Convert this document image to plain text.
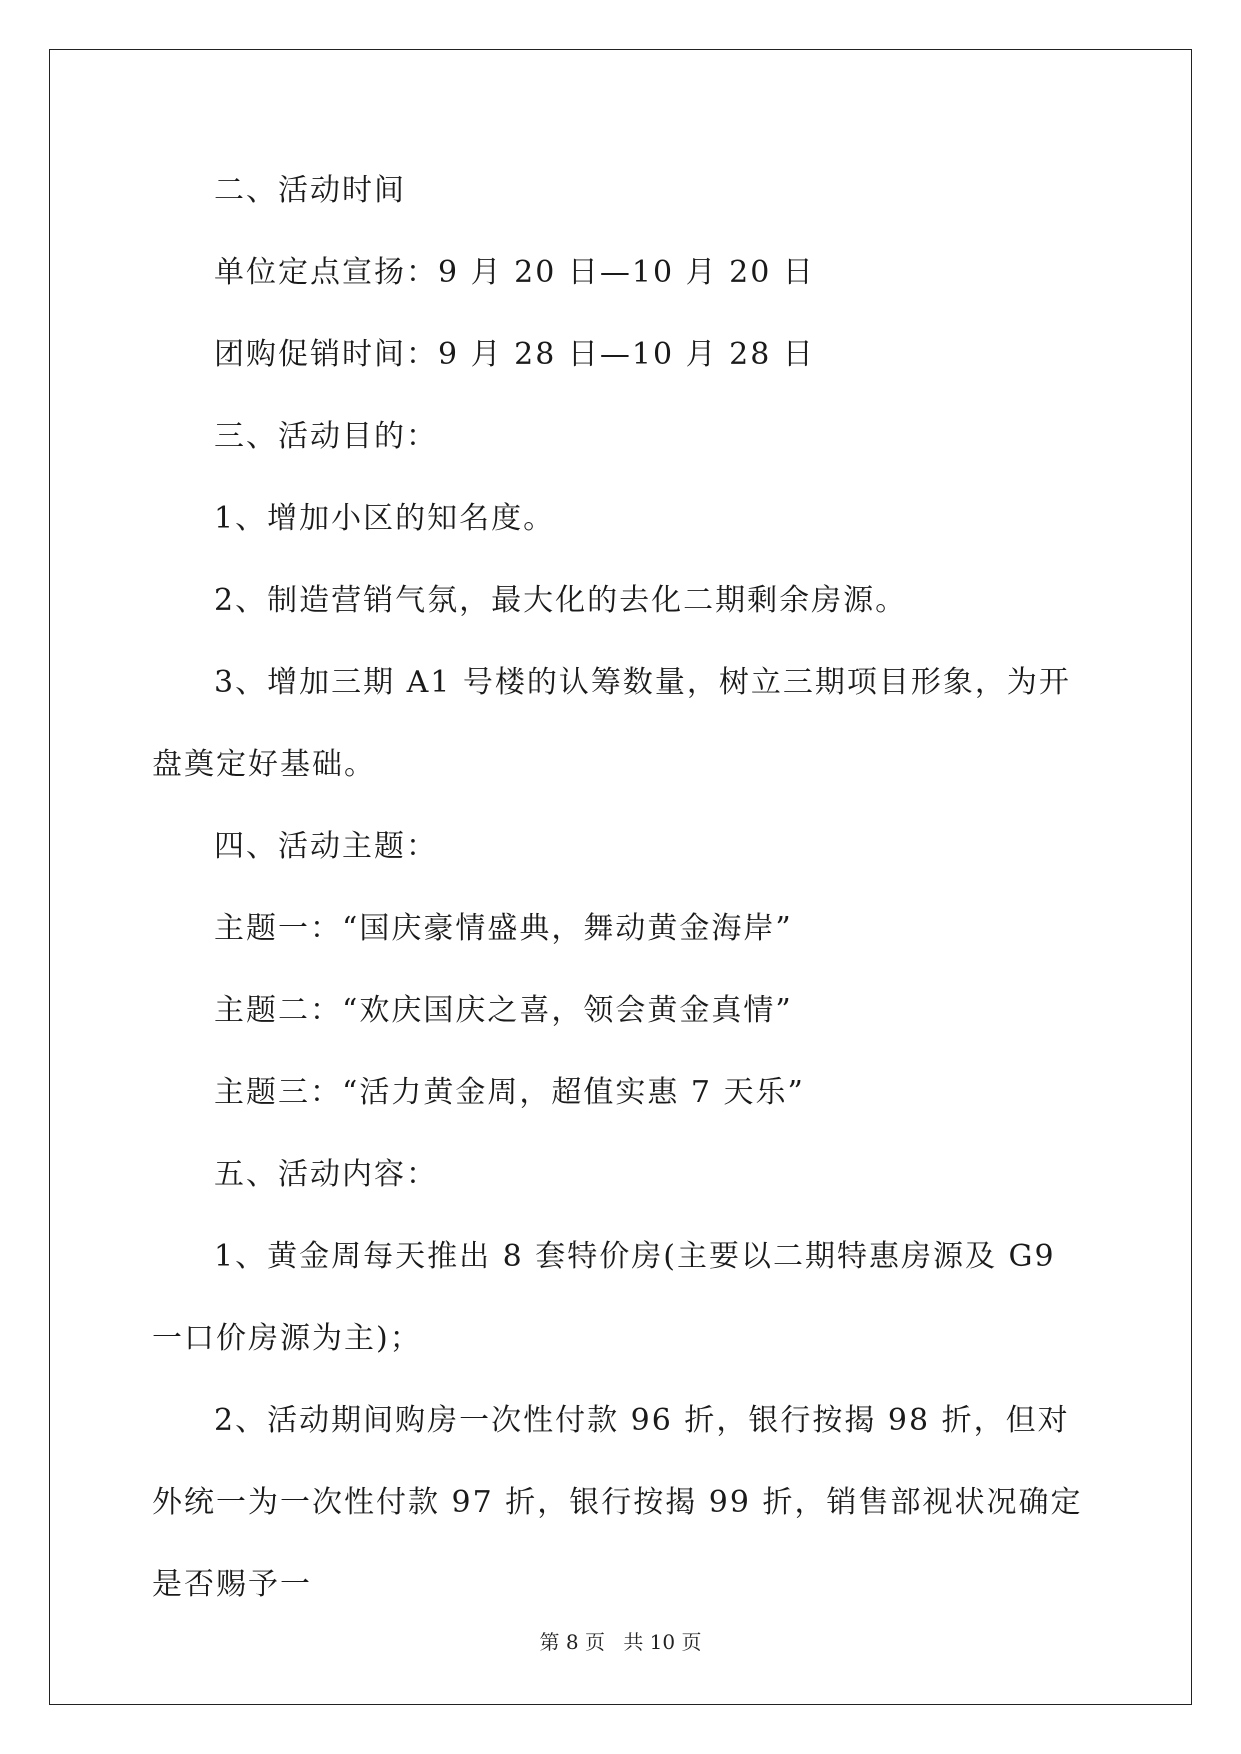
二、活动时间

单位定点宣扬：9 月 20 日—10 月 20 日

团购促销时间：9 月 28 日—10 月 28 日

三、活动目的：

1、增加小区的知名度。

2、制造营销气氛，最大化的去化二期剩余房源。

3、增加三期 A1 号楼的认筹数量，树立三期项目形象，为开盘奠定好基础。

四、活动主题：

主题一：“国庆豪情盛典，舞动黄金海岸”

主题二：“欢庆国庆之喜，领会黄金真情”

主题三：“活力黄金周，超值实惠 7 天乐”

五、活动内容：

1、黄金周每天推出 8 套特价房(主要以二期特惠房源及 G9 一口价房源为主)；

2、活动期间购房一次性付款 96 折，银行按揭 98 折，但对外统一为一次性付款 97 折，银行按揭 99 折，销售部视状况确定是否赐予一

第 8 页 共 10 页
